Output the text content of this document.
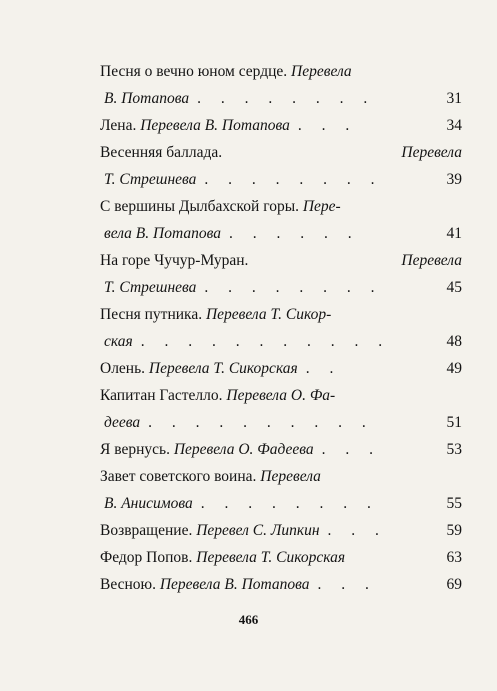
Песня о вечно юном сердце. Перевела
В. Потапова . . . . . . . .	31
Лена. Перевела В. Потапова . . .	34
Весенняя баллада.	Перевела
Т. Стрешнева . . . . . . . .	39
С вершины Дылбахской горы. Пере-
вела В. Потапова . . . . . .	41
На горе Чучур-Муран.	Перевела
Т. Стрешнева . . . . . . . .	45
Песня путника. Перевела Т. Сикор-
ская . . . . . . . . . . .	48
Олень. Перевела Т. Сикорская . .	49
Капитан Гастелло. Перевела О. Фа-
деева . . . . . . . . . .	51
Я вернусь. Перевела О. Фадеева . . .	53
Завет советского воина. Перевела
В. Анисимова . . . . . . . .	55
Возвращение. Перевел С. Липкин . . .	59
Федор Попов. Перевела Т. Сикорская	63
Весною. Перевела В. Потапова . . .	69
466
